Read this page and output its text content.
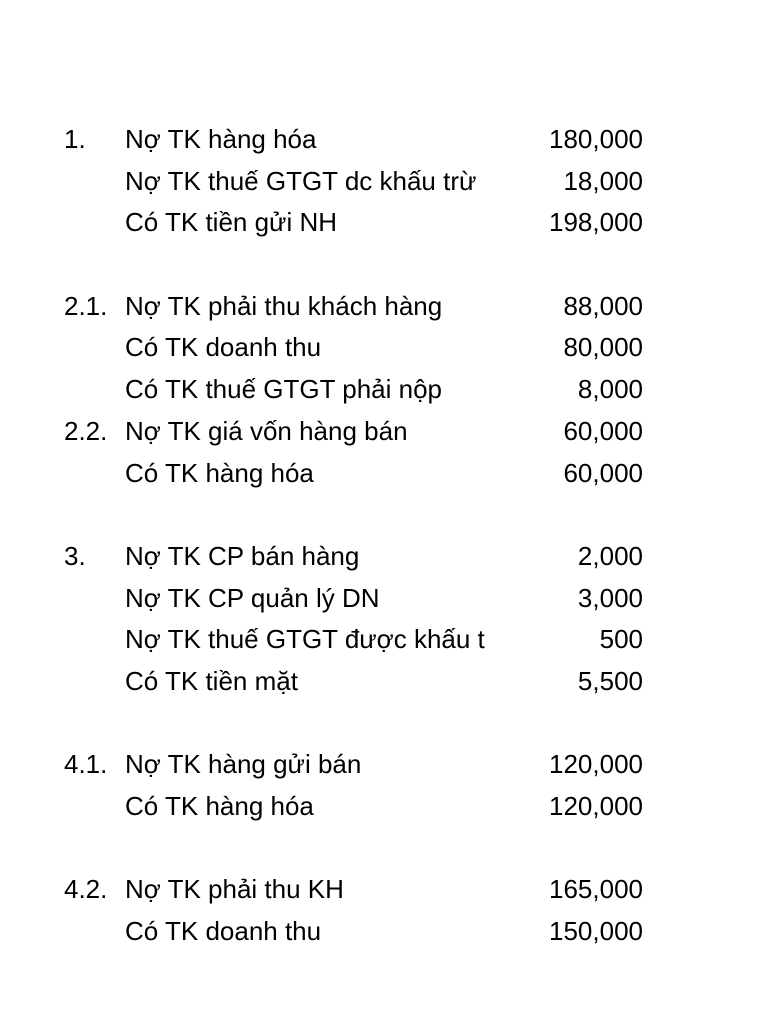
1. Nợ TK hàng hóa	180,000
Nợ TK thuế GTGT dc khấu trừ	18,000
Có TK tiền gửi NH	198,000
2.1. Nợ TK phải thu khách hàng	88,000
Có TK doanh thu	80,000
Có TK thuế GTGT phải nộp	8,000
2.2. Nợ TK giá vốn hàng bán	60,000
Có TK hàng hóa	60,000
3. Nợ TK CP bán hàng	2,000
Nợ TK CP quản lý DN	3,000
Nợ TK thuế GTGT được khấu t	500
Có TK tiền mặt	5,500
4.1. Nợ TK hàng gửi bán	120,000
Có TK hàng hóa	120,000
4.2. Nợ TK phải thu KH	165,000
Có TK doanh thu	150,000
